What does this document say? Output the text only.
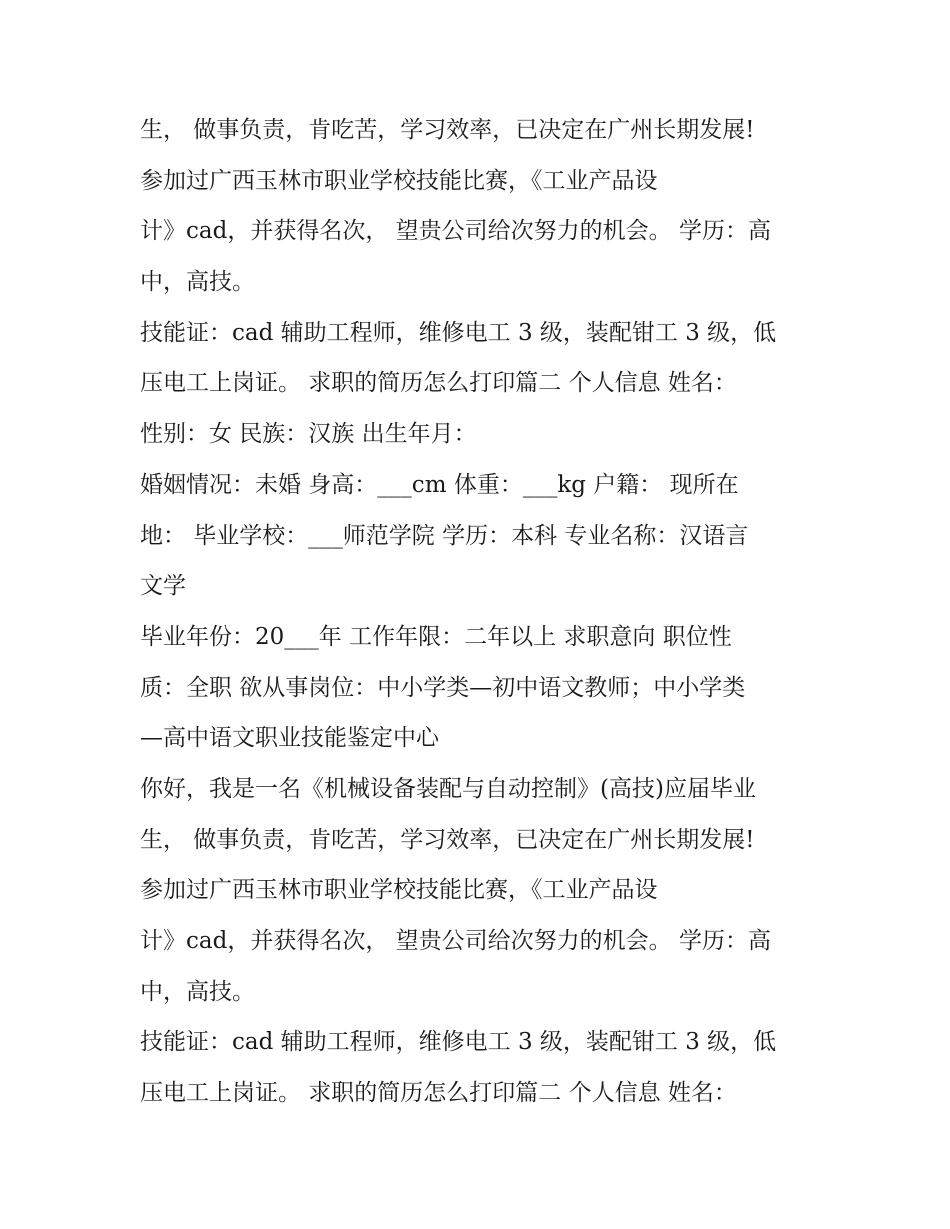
生， 做事负责，肯吃苦，学习效率，已决定在广州长期发展!
参加过广西玉林市职业学校技能比赛，《工业产品设
计》cad，并获得名次， 望贵公司给次努力的机会。 学历：高
中，高技。
技能证：cad 辅助工程师，维修电工 3 级，装配钳工 3 级，低
压电工上岗证。 求职的简历怎么打印篇二 个人信息 姓名：
性别：女 民族：汉族 出生年月：
婚姻情况：未婚 身高：___cm 体重：___kg 户籍： 现所在
地： 毕业学校：___师范学院 学历：本科 专业名称：汉语言
文学
毕业年份：20___年 工作年限：二年以上 求职意向 职位性
质：全职 欲从事岗位：中小学类—初中语文教师；中小学类
—高中语文职业技能鉴定中心
你好，我是一名《机械设备装配与自动控制》(高技)应届毕业
生， 做事负责，肯吃苦，学习效率，已决定在广州长期发展!
参加过广西玉林市职业学校技能比赛，《工业产品设
计》cad，并获得名次， 望贵公司给次努力的机会。 学历：高
中，高技。
技能证：cad 辅助工程师，维修电工 3 级，装配钳工 3 级，低
压电工上岗证。 求职的简历怎么打印篇二 个人信息 姓名：
